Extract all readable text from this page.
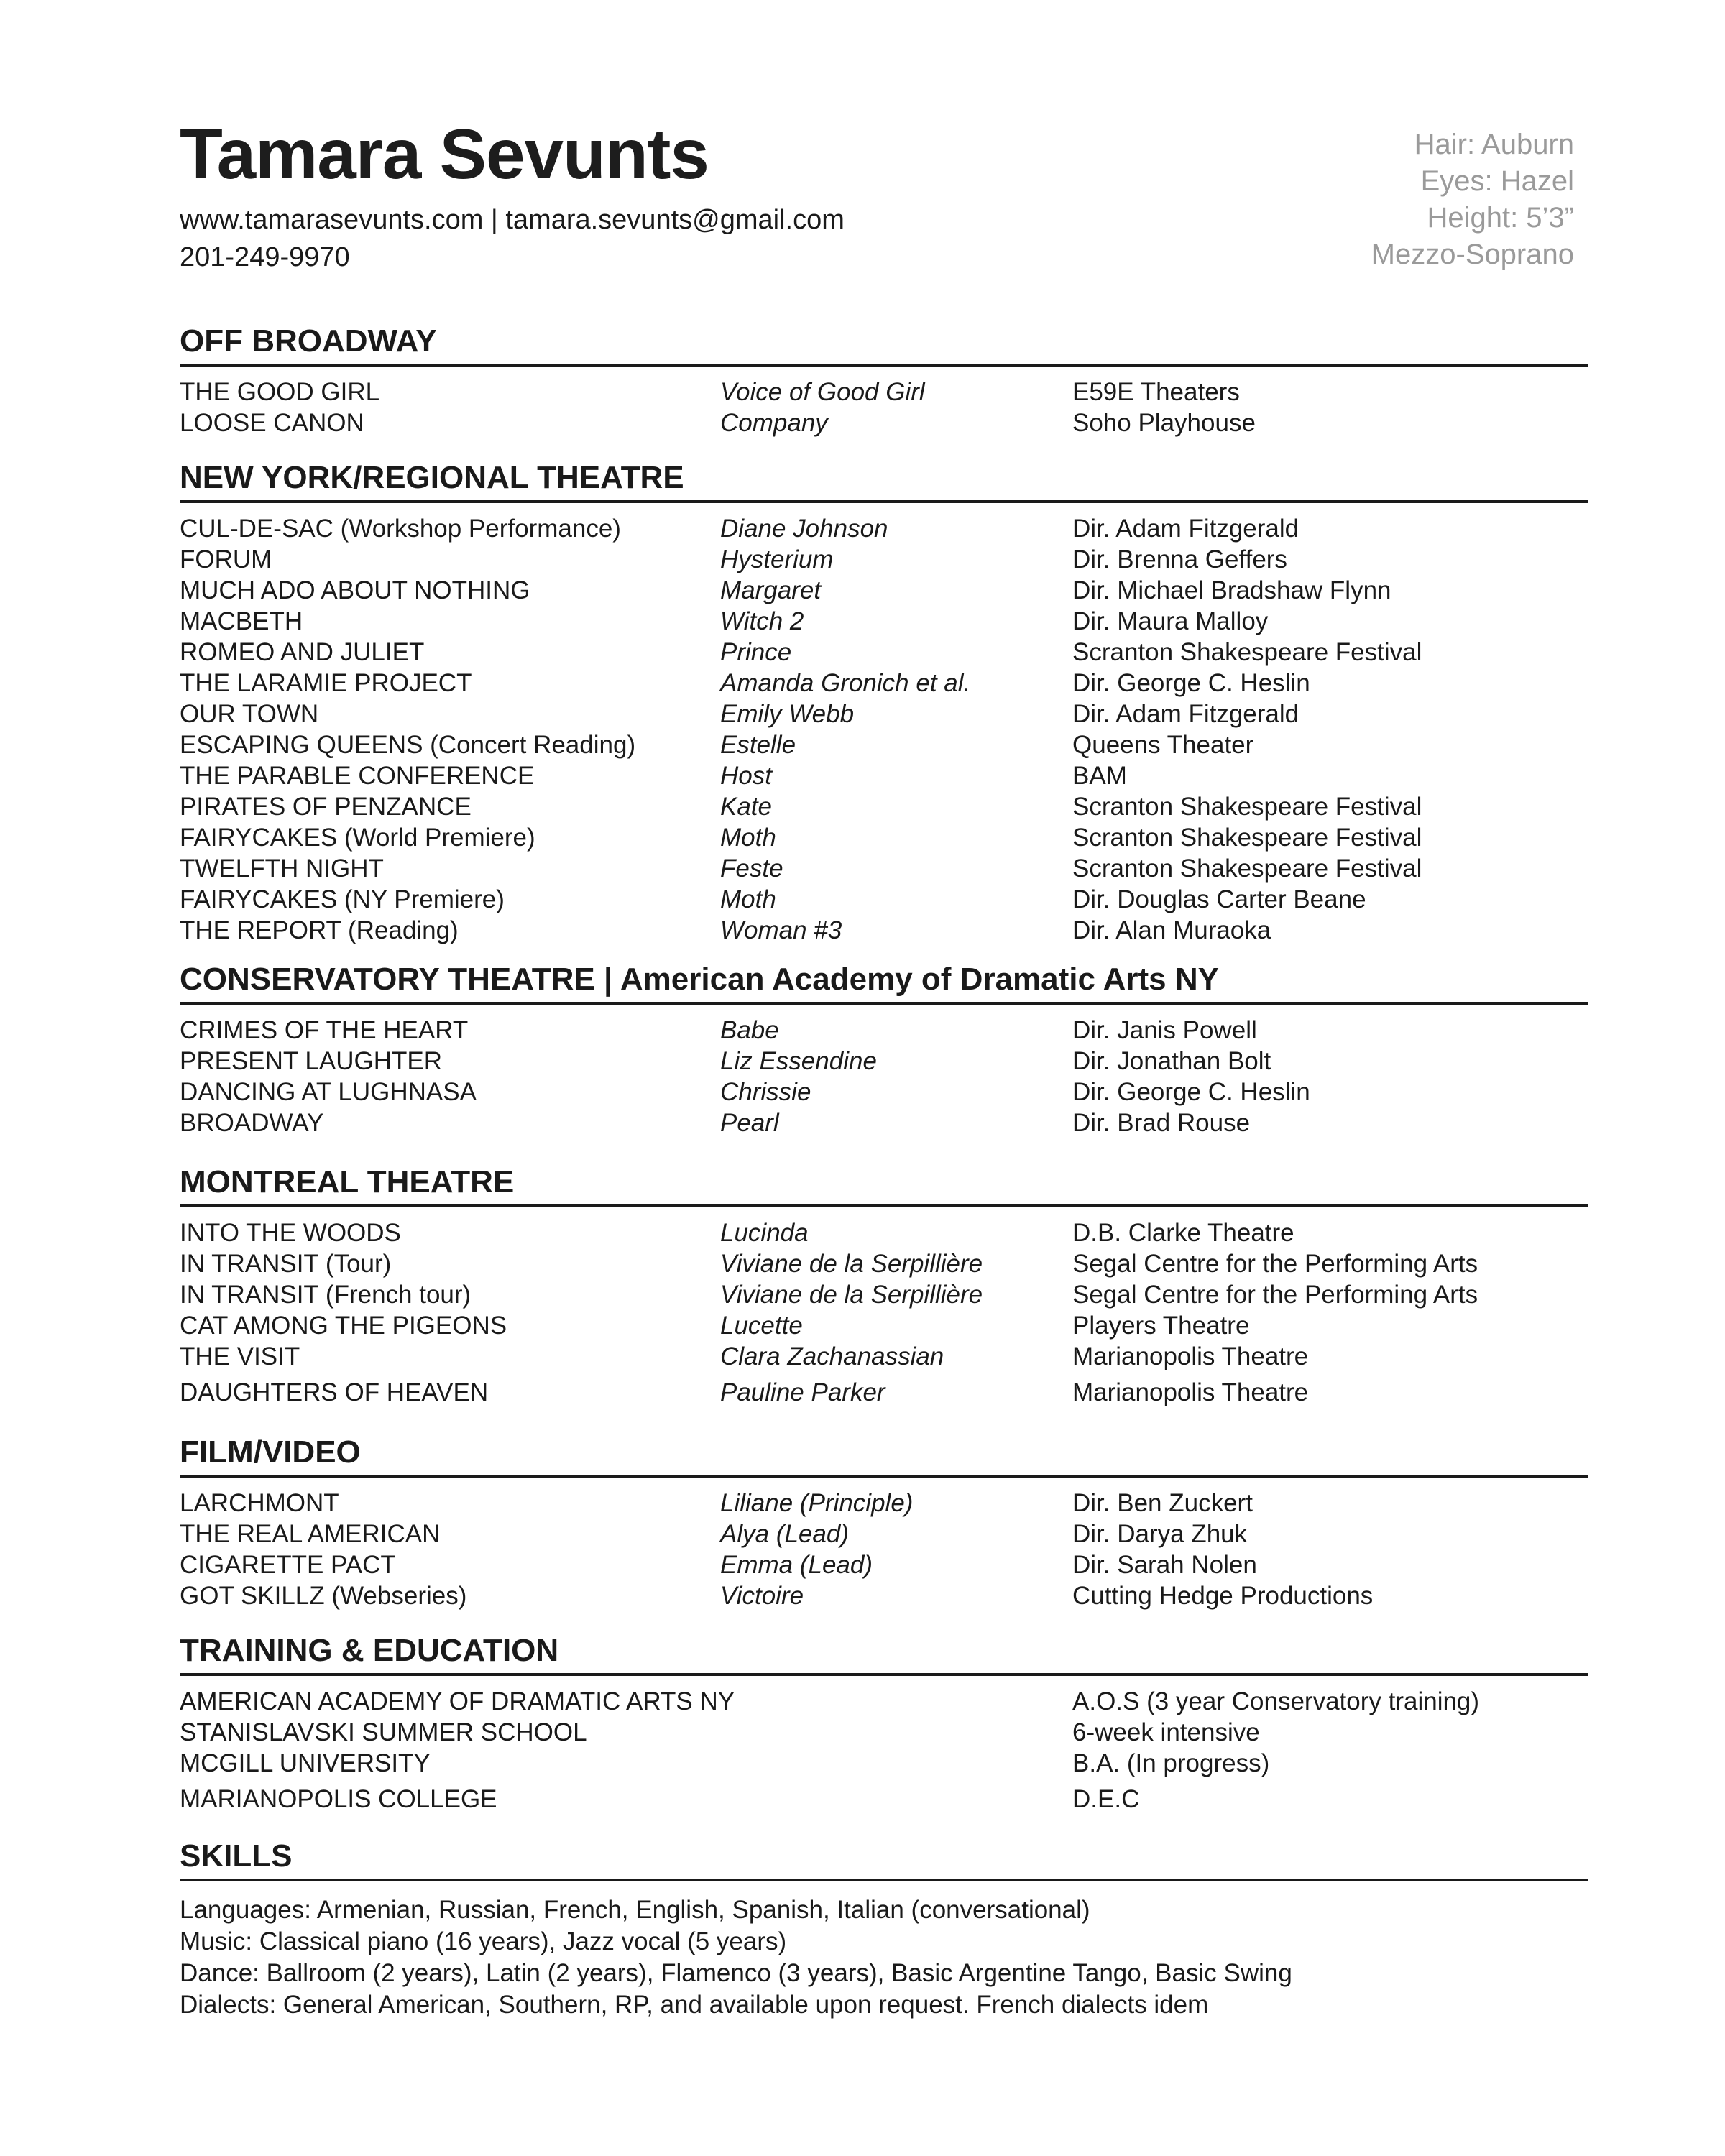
Tamara Sevunts
www.tamarasevunts.com | tamara.sevunts@gmail.com
201-249-9970
Hair: Auburn
Eyes: Hazel
Height: 5’3”
Mezzo-Soprano
OFF BROADWAY
THE GOOD GIRL	Voice of Good Girl	E59E Theaters
LOOSE CANON	Company	Soho Playhouse
NEW YORK/REGIONAL THEATRE
CUL-DE-SAC (Workshop Performance)	Diane Johnson	Dir. Adam Fitzgerald
FORUM	Hysterium	Dir. Brenna Geffers
MUCH ADO ABOUT NOTHING	Margaret	Dir. Michael Bradshaw Flynn
MACBETH	Witch 2	Dir. Maura Malloy
ROMEO AND JULIET	Prince	Scranton Shakespeare Festival
THE LARAMIE PROJECT	Amanda Gronich et al.	Dir. George C. Heslin
OUR TOWN	Emily Webb	Dir. Adam Fitzgerald
ESCAPING QUEENS (Concert Reading)	Estelle	Queens Theater
THE PARABLE CONFERENCE	Host	BAM
PIRATES OF PENZANCE	Kate	Scranton Shakespeare Festival
FAIRYCAKES (World Premiere)	Moth	Scranton Shakespeare Festival
TWELFTH NIGHT	Feste	Scranton Shakespeare Festival
FAIRYCAKES (NY Premiere)	Moth	Dir. Douglas Carter Beane
THE REPORT (Reading)	Woman #3	Dir. Alan Muraoka
CONSERVATORY THEATRE | American Academy of Dramatic Arts NY
CRIMES OF THE HEART	Babe	Dir. Janis Powell
PRESENT LAUGHTER	Liz Essendine	Dir. Jonathan Bolt
DANCING AT LUGHNASA	Chrissie	Dir. George C. Heslin
BROADWAY	Pearl	Dir. Brad Rouse
MONTREAL THEATRE
INTO THE WOODS	Lucinda	D.B. Clarke Theatre
IN TRANSIT (Tour)	Viviane de la Serpillière	Segal Centre for the Performing Arts
IN TRANSIT (French tour)	Viviane de la Serpillière	Segal Centre for the Performing Arts
CAT AMONG THE PIGEONS	Lucette	Players Theatre
THE VISIT	Clara Zachanassian	Marianopolis Theatre
DAUGHTERS OF HEAVEN	Pauline Parker	Marianopolis Theatre
FILM/VIDEO
LARCHMONT	Liliane (Principle)	Dir. Ben Zuckert
THE REAL AMERICAN	Alya (Lead)	Dir. Darya Zhuk
CIGARETTE PACT	Emma (Lead)	Dir. Sarah Nolen
GOT SKILLZ (Webseries)	Victoire	Cutting Hedge Productions
TRAINING & EDUCATION
AMERICAN ACADEMY OF DRAMATIC ARTS NY	A.O.S (3 year Conservatory training)
STANISLAVSKI SUMMER SCHOOL	6-week intensive
MCGILL UNIVERSITY	B.A. (In progress)
MARIANOPOLIS COLLEGE	D.E.C
SKILLS
Languages: Armenian, Russian, French, English, Spanish, Italian (conversational)
Music: Classical piano (16 years), Jazz vocal (5 years)
Dance: Ballroom (2 years), Latin (2 years), Flamenco (3 years), Basic Argentine Tango, Basic Swing
Dialects: General American, Southern, RP, and available upon request. French dialects idem
